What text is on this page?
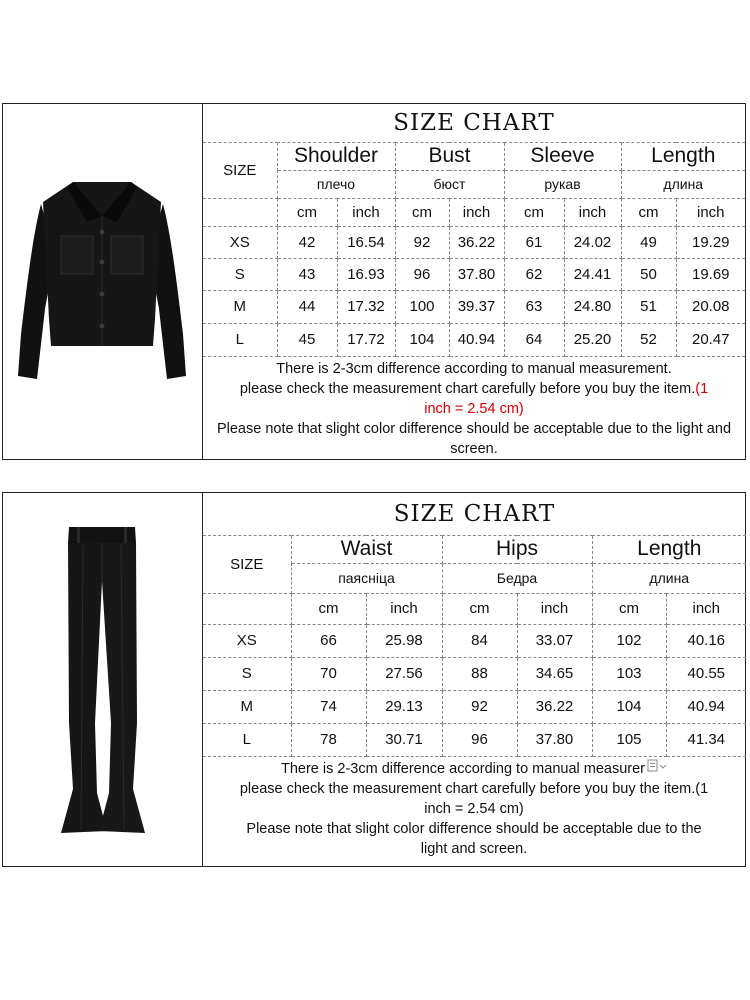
SIZE CHART								
SIZE	Shoulder		Bust		Sleeve		Length	
	плечо		бюст		рукав		длина	
	cm	inch	cm	inch	cm	inch	cm	inch
XS	42	16.54	92	36.22	61	24.02	49	19.29
S	43	16.93	96	37.80	62	24.41	50	19.69
M	44	17.32	100	39.37	63	24.80	51	20.08
L	45	17.72	104	40.94	64	25.20	52	20.47

There is 2-3cm difference according to manual measurement.

please check the measurement chart carefully before you buy the item.(1

inch = 2.54 cm)

Please note that slight color difference should be acceptable due to the light and screen.

SIZE CHART						
SIZE	Waist		Hips		Length	
	паясніца		Бедра		длина	
	cm	inch	cm	inch	cm	inch
XS	66	25.98	84	33.07	102	40.16
S	70	27.56	88	34.65	103	40.55
M	74	29.13	92	36.22	104	40.94
L	78	30.71	96	37.80	105	41.34

There is 2-3cm difference according to manual measurer

please check the measurement chart carefully before you buy the item.(1

inch = 2.54 cm)

Please note that slight color difference should be acceptable due to the

light and screen.
